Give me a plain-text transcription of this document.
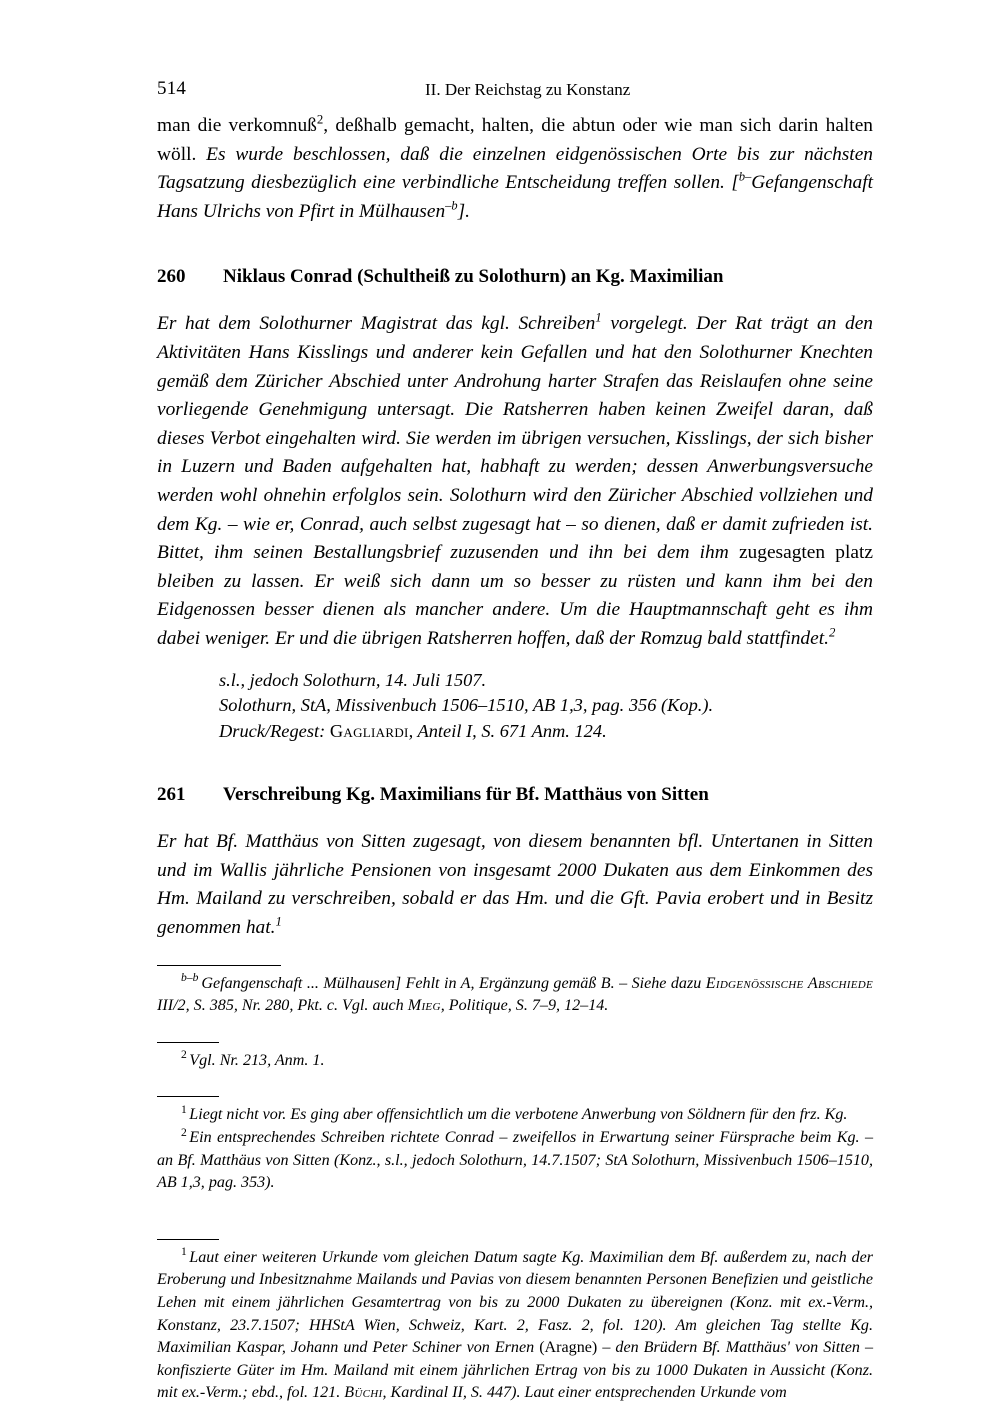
514	II. Der Reichstag zu Konstanz

man die verkomnuß$^2$, deßhalb gemacht, halten, die abtun oder wie man sich darin halten wöll. Es wurde beschlossen, daß die einzelnen eidgenössischen Orte bis zur nächsten Tagsatzung diesbezüglich eine verbindliche Entscheidung treffen sollen. [$^{b-}$Gefangenschaft Hans Ulrichs von Pfirt in Mülhausen$^{-b}$].

260 Niklaus Conrad (Schultheiß zu Solothurn) an Kg. Maximilian

Er hat dem Solothurner Magistrat das kgl. Schreiben$^1$ vorgelegt. Der Rat trägt an den Aktivitäten Hans Kisslings und anderer kein Gefallen und hat den Solothurner Knechten gemäß dem Züricher Abschied unter Androhung harter Strafen das Reislaufen ohne seine vorliegende Genehmigung untersagt. Die Ratsherren haben keinen Zweifel daran, daß dieses Verbot eingehalten wird. Sie werden im übrigen versuchen, Kisslings, der sich bisher in Luzern und Baden aufgehalten hat, habhaft zu werden; dessen Anwerbungsversuche werden wohl ohnehin erfolglos sein. Solothurn wird den Züricher Abschied vollziehen und dem Kg. – wie er, Conrad, auch selbst zugesagt hat – so dienen, daß er damit zufrieden ist. Bittet, ihm seinen Bestallungsbrief zuzusenden und ihn bei dem ihm zugesagten platz bleiben zu lassen. Er weiß sich dann um so besser zu rüsten und kann ihm bei den Eidgenossen besser dienen als mancher andere. Um die Hauptmannschaft geht es ihm dabei weniger. Er und die übrigen Ratsherren hoffen, daß der Romzug bald stattfindet.$^2$

s.l., jedoch Solothurn, 14. Juli 1507.
Solothurn, StA, Missivenbuch 1506–1510, AB 1,3, pag. 356 (Kop.).
Druck/Regest: Gagliardi, Anteil I, S. 671 Anm. 124.
261 Verschreibung Kg. Maximilians für Bf. Matthäus von Sitten

Er hat Bf. Matthäus von Sitten zugesagt, von diesem benannten bfl. Untertanen in Sitten und im Wallis jährliche Pensionen von insgesamt 2000 Dukaten aus dem Einkommen des Hm. Mailand zu verschreiben, sobald er das Hm. und die Gft. Pavia erobert und in Besitz genommen hat.$^1$

$^{b-b}$ Gefangenschaft ... Mülhausen] Fehlt in A, Ergänzung gemäß B. – Siehe dazu Eidgenössische Abschiede III/2, S. 385, Nr. 280, Pkt. c. Vgl. auch Mieg, Politique, S. 7–9, 12–14.

$^2$ Vgl. Nr. 213, Anm. 1.

$^1$ Liegt nicht vor. Es ging aber offensichtlich um die verbotene Anwerbung von Söldnern für den frz. Kg.

$^2$ Ein entsprechendes Schreiben richtete Conrad – zweifellos in Erwartung seiner Fürsprache beim Kg. – an Bf. Matthäus von Sitten (Konz., s.l., jedoch Solothurn, 14.7.1507; StA Solothurn, Missivenbuch 1506–1510, AB 1,3, pag. 353).

$^1$ Laut einer weiteren Urkunde vom gleichen Datum sagte Kg. Maximilian dem Bf. außerdem zu, nach der Eroberung und Inbesitznahme Mailands und Pavias von diesem benannten Personen Benefizien und geistliche Lehen mit einem jährlichen Gesamtertrag von bis zu 2000 Dukaten zu übereignen (Konz. mit ex.-Verm., Konstanz, 23.7.1507; HHStA Wien, Schweiz, Kart. 2, Fasz. 2, fol. 120). Am gleichen Tag stellte Kg. Maximilian Kaspar, Johann und Peter Schiner von Ernen (Aragne) – den Brüdern Bf. Matthäus' von Sitten – konfiszierte Güter im Hm. Mailand mit einem jährlichen Ertrag von bis zu 1000 Dukaten in Aussicht (Konz. mit ex.-Verm.; ebd., fol. 121. Büchi, Kardinal II, S. 447). Laut einer entsprechenden Urkunde vom
